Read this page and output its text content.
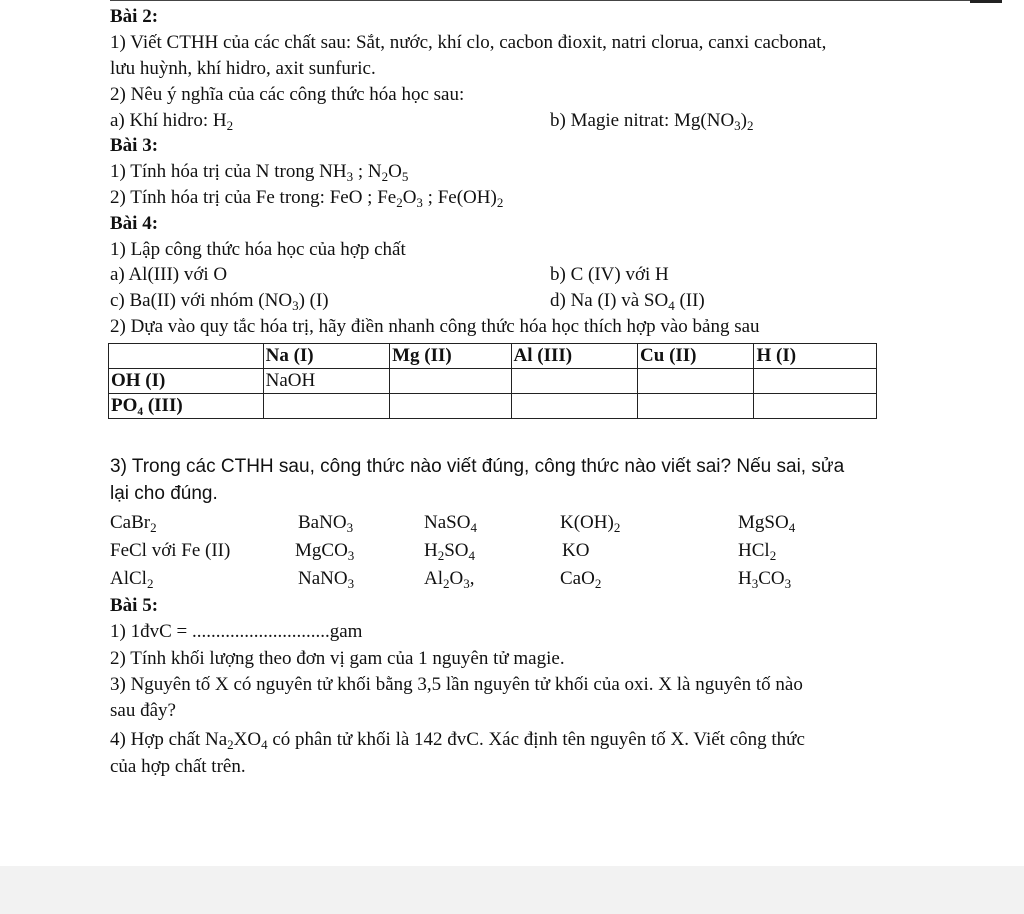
Bài 2:
1) Viết CTHH của các chất sau: Sắt, nước, khí clo, cacbon đioxit, natri clorua, canxi cacbonat,
lưu huỳnh, khí hidro, axit sunfuric.
2) Nêu ý nghĩa của các công thức hóa học sau:
a) Khí hidro: $H_2$	b) Magie nitrat: $Mg(NO_3)_2$
Bài 3:
1) Tính hóa trị của N trong $NH_3$ ; $N_2O_5$
2) Tính hóa trị của Fe trong: FeO ; $Fe_2O_3$ ; $Fe(OH)_2$
Bài 4:
1) Lập công thức hóa học của hợp chất
a) Al(III) với O	b) C (IV) với H
c) Ba(II) với nhóm $(NO_3)$ (I)	d) Na (I) và $SO_4$ (II)
2) Dựa vào quy tắc hóa trị, hãy điền nhanh công thức hóa học thích hợp vào bảng sau
	Na (I)	Mg (II)	Al (III)	Cu (II)	H (I)
OH (I)	NaOH				
PO₄ (III)					
3) Trong các CTHH sau, công thức nào viết đúng, công thức nào viết sai? Nếu sai, sửa
lại cho đúng.
CaBr$_2$	BaNO$_3$	NaSO$_4$	$K(OH)_2$	MgSO$_4$
FeCl với Fe (II)	MgCO$_3$	$H_2SO_4$	KO	HCl$_2$
AlCl$_2$	NaNO$_3$	$Al_2O_3$,	CaO$_2$	$H_3CO_3$
Bài 5:
1) 1đvC = .............................gam
2) Tính khối lượng theo đơn vị gam của 1 nguyên tử magie.
3) Nguyên tố X có nguyên tử khối bằng 3,5 lần nguyên tử khối của oxi. X là nguyên tố nào
sau đây?
4) Hợp chất $Na_2XO_4$ có phân tử khối là 142 đvC. Xác định tên nguyên tố X. Viết công thức
của hợp chất trên.
